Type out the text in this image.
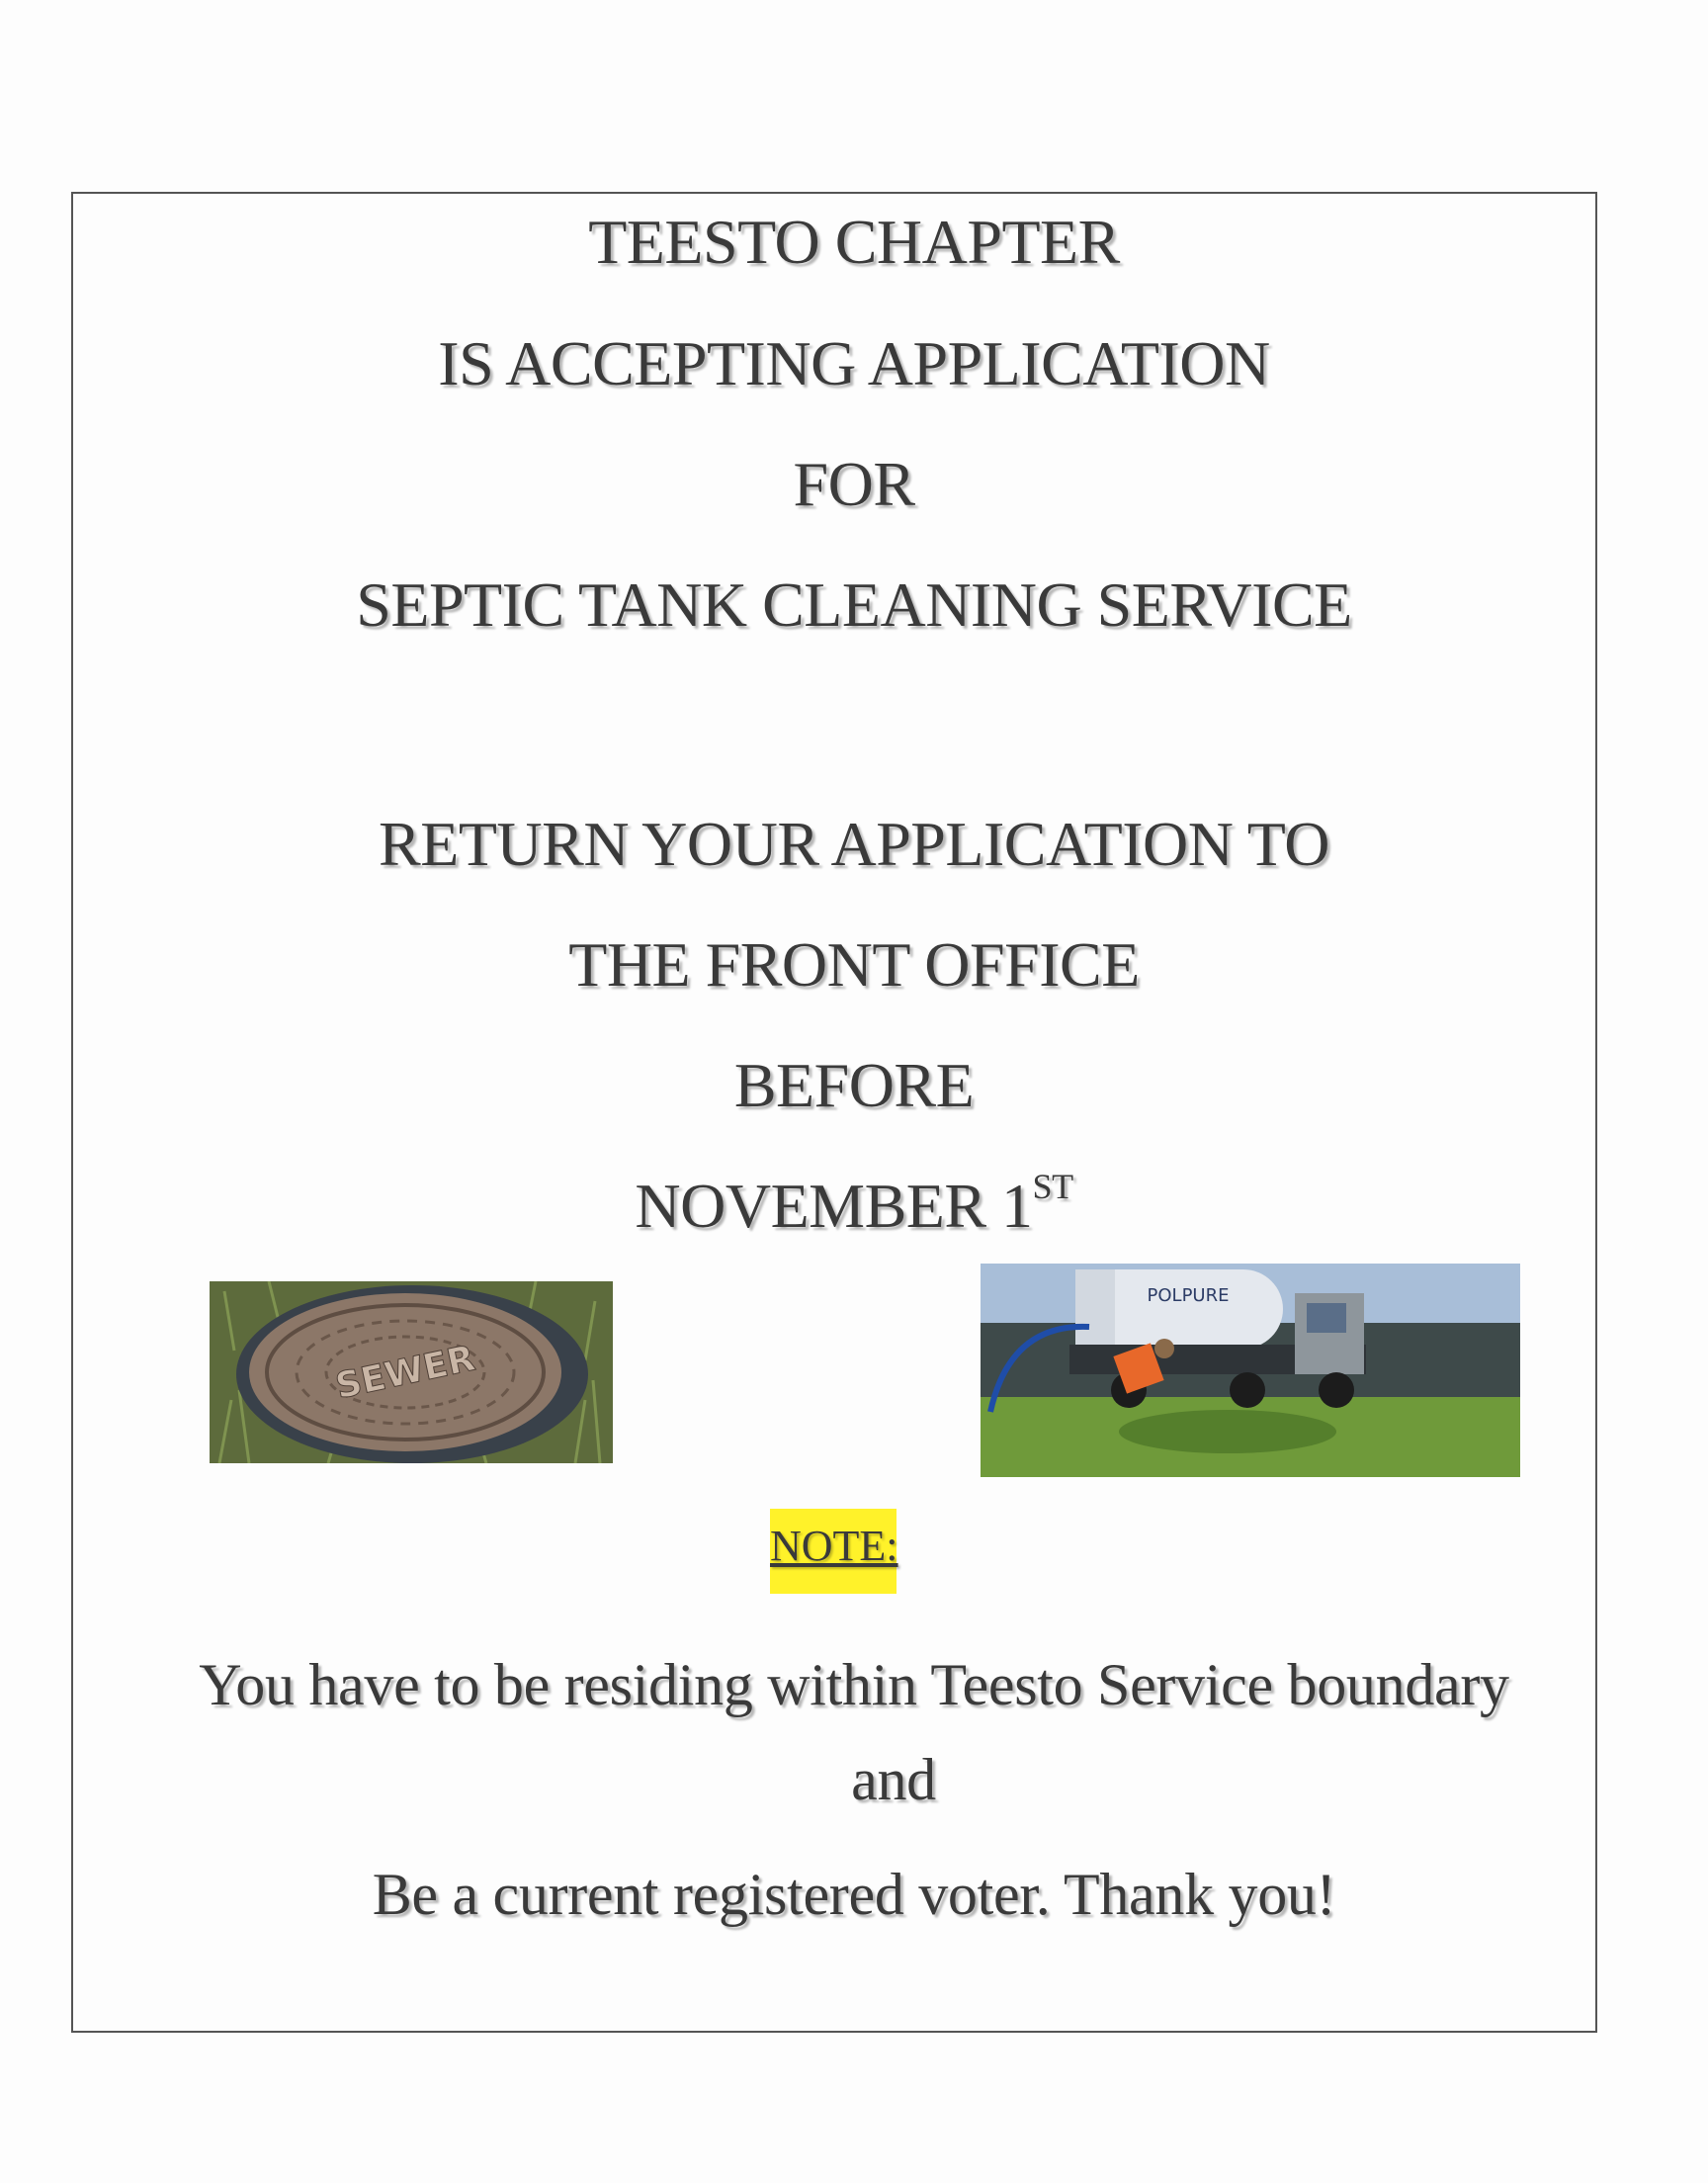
TEESTO CHAPTER
IS ACCEPTING APPLICATION
FOR
SEPTIC TANK CLEANING SERVICE
RETURN YOUR APPLICATION TO
THE FRONT OFFICE
BEFORE
NOVEMBER 1ST
SEWER
POLPURE
NOTE:
You have to be residing within Teesto Service boundary
and
Be a current registered voter. Thank you!
